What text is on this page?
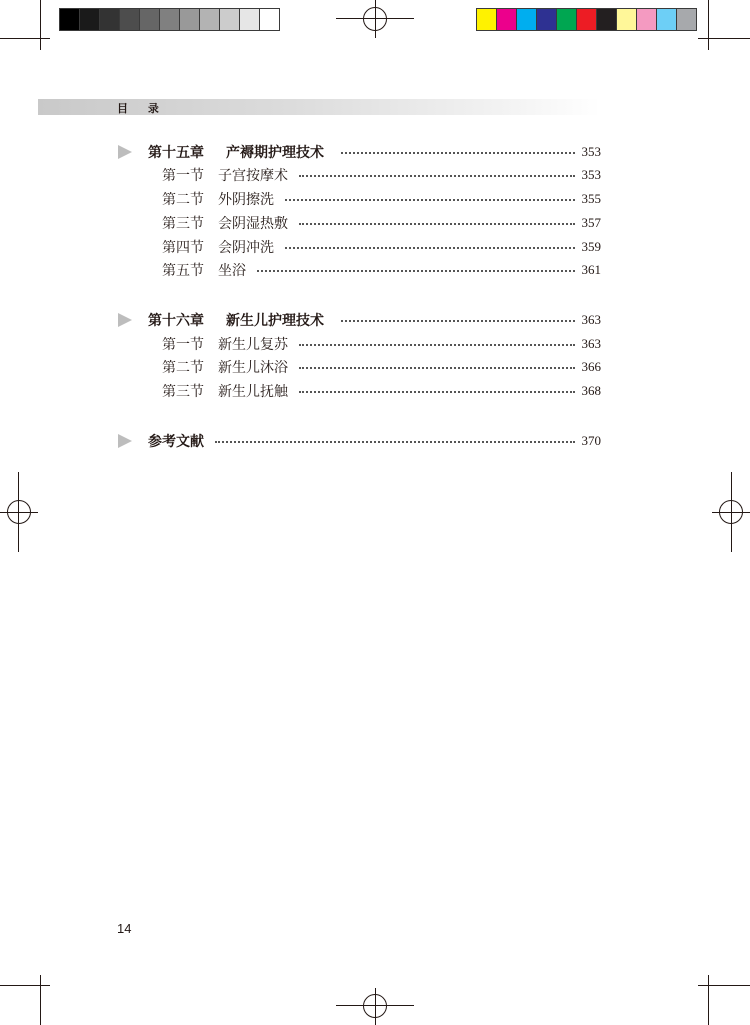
目 录
第十五章 产褥期护理技术	353
第一节 子宫按摩术	353
第二节 外阴擦洗	355
第三节 会阴湿热敷	357
第四节 会阴冲洗	359
第五节 坐浴	361
第十六章 新生儿护理技术	363
第一节 新生儿复苏	363
第二节 新生儿沐浴	366
第三节 新生儿抚触	368
参考文献	370
14
